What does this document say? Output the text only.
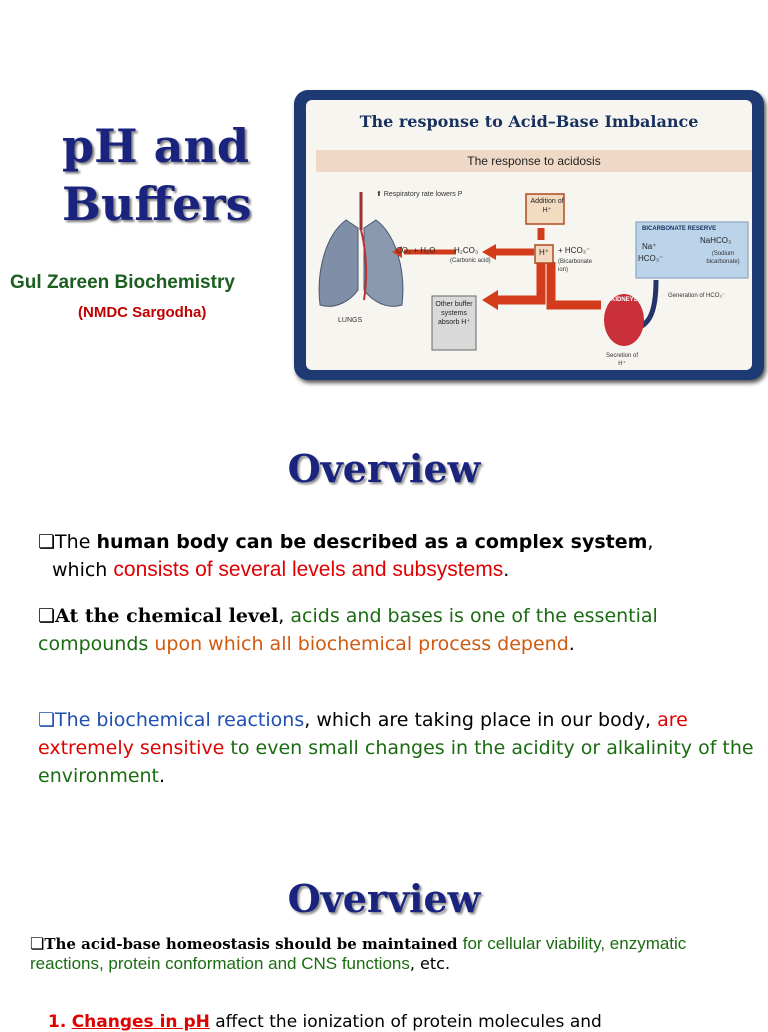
pH and
Buffers
Gul Zareen Biochemistry
(NMDC Sargodha)
The response to Acid–Base Imbalance
The response to acidosis
LUNGS
⬆ Respiratory rate lowers P
Addition of H⁺
CO₂ + H₂O H₂CO₃
(Carbonic acid)
H⁺ + HCO₃⁻
(Bicarbonate ion)
Other buffer systems absorb H⁺
BICARBONATE RESERVE
Na⁺
HCO₃⁻
NaHCO₃
(Sodium bicarbonate)
Generation of HCO₃⁻
KIDNEYS
Secretion of H⁺
Overview
❏The human body can be described as a complex system,
which consists of several levels and subsystems.
❏At the chemical level, acids and bases is one of the essential compounds upon which all biochemical process depend.
❏The biochemical reactions, which are taking place in our body, are extremely sensitive to even small changes in the acidity or alkalinity of the environment.
Overview
❏The acid-base homeostasis should be maintained for cellular viability, enzymatic reactions, protein conformation and CNS functions, etc.
1. Changes in pH affect the ionization of protein molecules and
